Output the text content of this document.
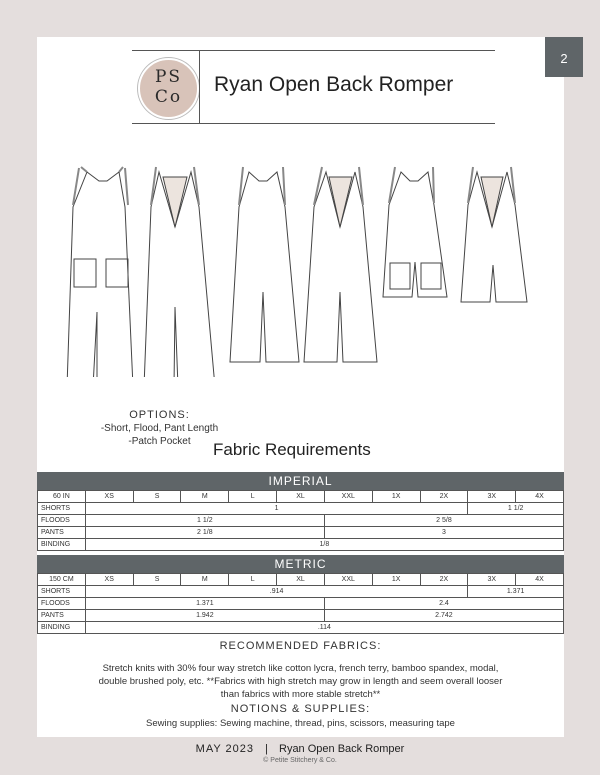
2
PS
Co
Ryan Open Back Romper
OPTIONS:
-Short, Flood, Pant Length
-Patch Pocket	Fabric Requirements
IMPERIAL
60 IN	XS	S	M	L	XL	XXL	1X	2X	3X	4X
SHORTS	1								1 1/2	
FLOODS	1 1/2					2 5/8				
PANTS	2 1/8					3				
BINDING	1/8									
METRIC
150 CM	XS	S	M	L	XL	XXL	1X	2X	3X	4X
SHORTS	.914								1.371	
FLOODS	1.371					2.4				
PANTS	1.942					2.742				
BINDING	.114									
RECOMMENDED FABRICS:
Stretch knits with 30% four way stretch like cotton lycra, french terry, bamboo spandex, modal,
double brushed poly, etc. **Fabrics with high stretch may grow in length and seem overall looser
than fabrics with more stable stretch**
NOTIONS & SUPPLIES:
Sewing supplies: Sewing machine, thread, pins, scissors, measuring tape
MAY 2023 | Ryan Open Back Romper
© Petite Stitchery & Co.
